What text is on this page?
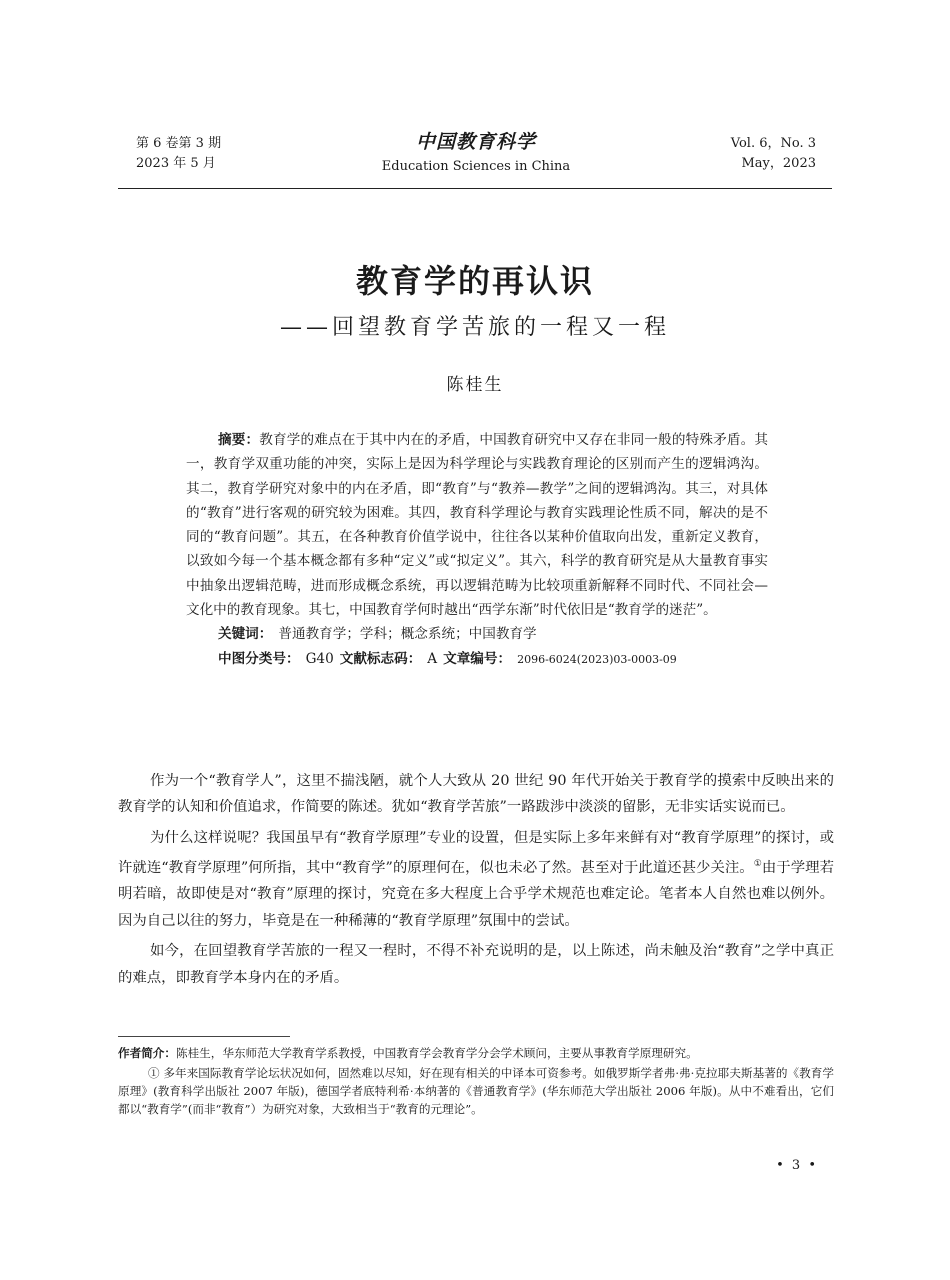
第 6 卷第 3 期
2023 年 5 月
中国教育科学
Education Sciences in China
Vol. 6，No. 3
May，2023
教育学的再认识
——回望教育学苦旅的一程又一程
陈桂生

摘要：教育学的难点在于其中内在的矛盾，中国教育研究中又存在非同一般的特殊矛盾。其一，教育学双重功能的冲突，实际上是因为科学理论与实践教育理论的区别而产生的逻辑鸿沟。其二，教育学研究对象中的内在矛盾，即“教育”与“教养—教学”之间的逻辑鸿沟。其三，对具体的“教育”进行客观的研究较为困难。其四，教育科学理论与教育实践理论性质不同，解决的是不同的“教育问题”。其五，在各种教育价值学说中，往往各以某种价值取向出发，重新定义教育，以致如今每一个基本概念都有多种“定义”或“拟定义”。其六，科学的教育研究是从大量教育事实中抽象出逻辑范畴，进而形成概念系统，再以逻辑范畴为比较项重新解释不同时代、不同社会—文化中的教育现象。其七，中国教育学何时越出“西学东渐”时代依旧是“教育学的迷茫”。

关键词： 普通教育学；学科；概念系统；中国教育学

中图分类号： G40 文献标志码： A 文章编号： 2096-6024(2023)03-0003-09

作为一个“教育学人”，这里不揣浅陋，就个人大致从 20 世纪 90 年代开始关于教育学的摸索中反映出来的教育学的认知和价值追求，作简要的陈述。犹如“教育学苦旅”一路跋涉中淡淡的留影，无非实话实说而已。

为什么这样说呢？我国虽早有“教育学原理”专业的设置，但是实际上多年来鲜有对“教育学原理”的探讨，或许就连“教育学原理”何所指，其中“教育学”的原理何在，似也未必了然。甚至对于此道还甚少关注。①由于学理若明若暗，故即使是对“教育”原理的探讨，究竟在多大程度上合乎学术规范也难定论。笔者本人自然也难以例外。因为自己以往的努力，毕竟是在一种稀薄的“教育学原理”氛围中的尝试。

如今，在回望教育学苦旅的一程又一程时，不得不补充说明的是，以上陈述，尚未触及治“教育”之学中真正的难点，即教育学本身内在的矛盾。

作者简介：陈桂生，华东师范大学教育学系教授，中国教育学会教育学分会学术顾问，主要从事教育学原理研究。

① 多年来国际教育学论坛状况如何，固然难以尽知，好在现有相关的中译本可资参考。如俄罗斯学者弗·弗·克拉耶夫斯基著的《教育学原理》(教育科学出版社 2007 年版)，德国学者底特利希·本纳著的《普通教育学》(华东师范大学出版社 2006 年版)。从中不难看出，它们都以“教育学”(而非“教育”）为研究对象，大致相当于“教育的元理论”。

• 3 •
